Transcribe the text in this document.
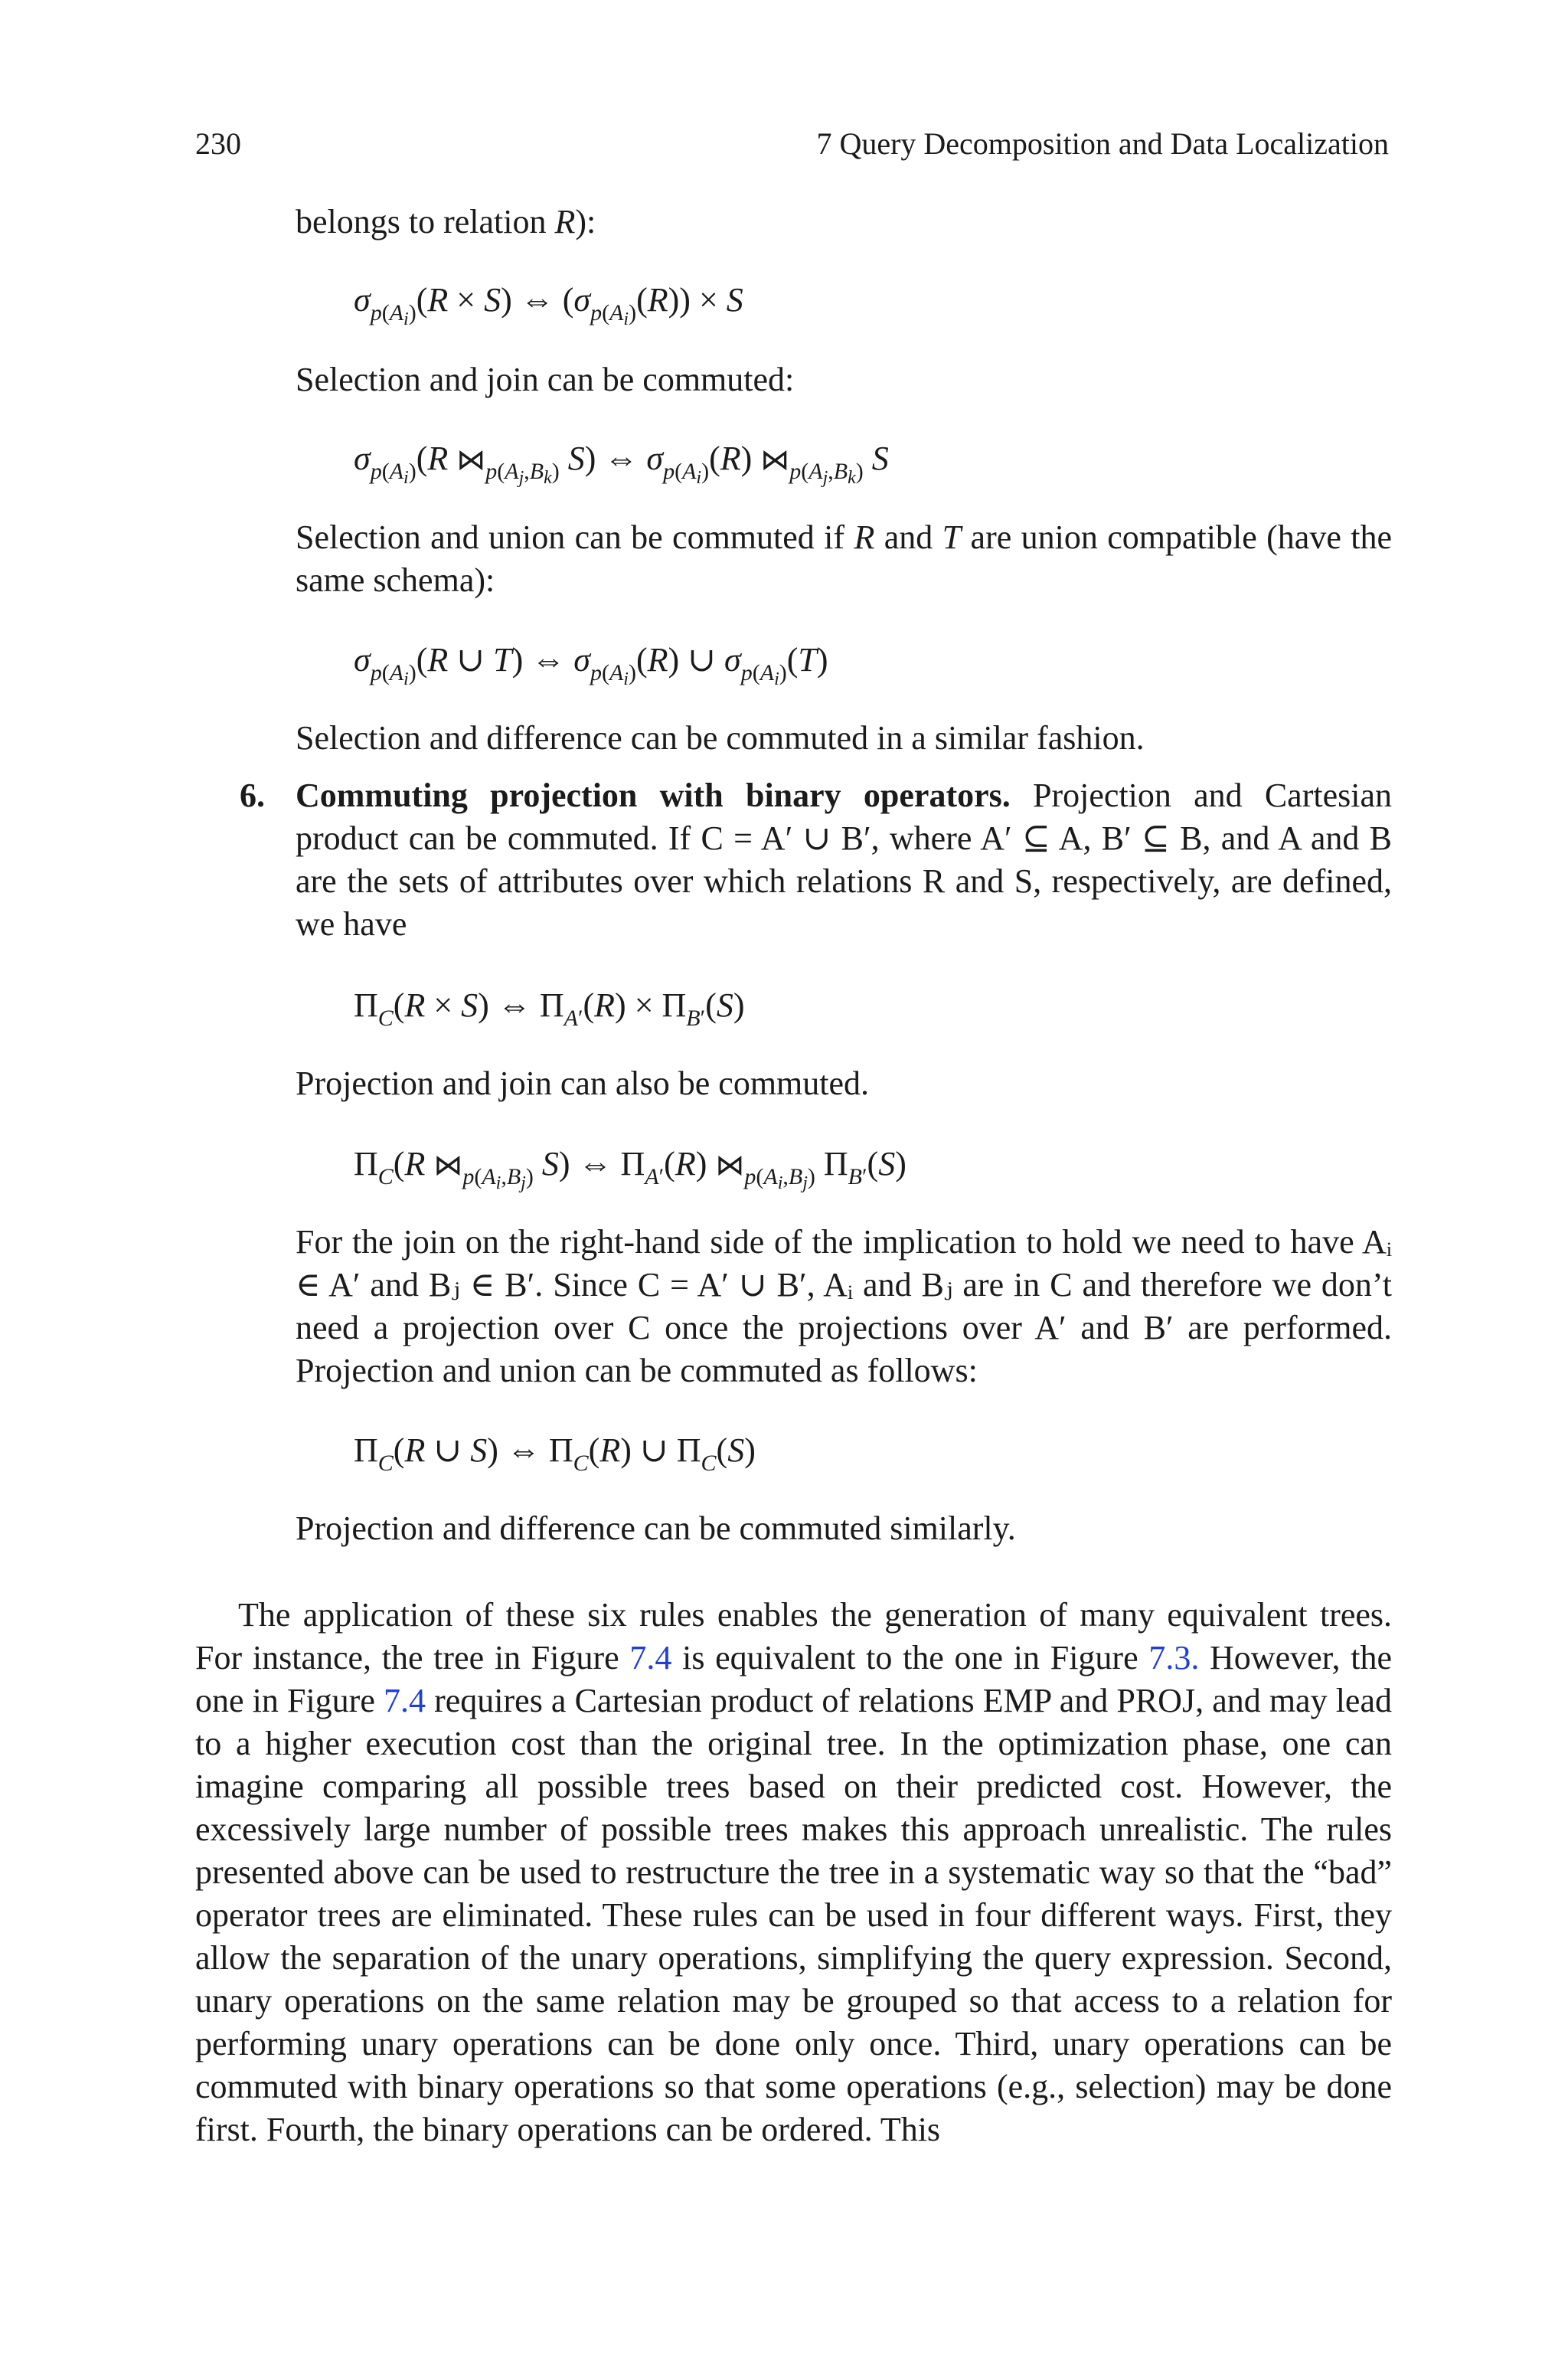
230	7 Query Decomposition and Data Localization

belongs to relation R):

$\sigma_{p(A_i)}(R \times S)$ ⇔ $(\sigma_{p(A_i)}(R)) \times S$

Selection and join can be commuted:

$\sigma_{p(A_i)}(R$ $⋈_{p(A_j,B_k)}$ S) ⇔ $\sigma_{p(A_i)}(R)$ $⋈_{p(A_j,B_k)}$ S

Selection and union can be commuted if R and T are union compatible (have the same schema):

$\sigma_{p(A_i)}(R$ ∪ T) ⇔ $\sigma_{p(A_i)}(R)$ ∪ $\sigma_{p(A_i)}(T)$

Selection and difference can be commuted in a similar fashion.

6. Commuting projection with binary operators. Projection and Cartesian product can be commuted. If C = A′ ∪ B′, where A′ ⊆ A, B′ ⊆ B, and A and B are the sets of attributes over which relations R and S, respectively, are defined, we have

$\Pi_C(R \times S)$ ⇔ $\Pi_{A'}(R) \times \Pi_{B'}(S)$

Projection and join can also be commuted.

$\Pi_C(R$ $⋈_{p(A_i,B_j)}$ S) ⇔ $\Pi_{A'}(R)$ $⋈_{p(A_i,B_j)}$ $\Pi_{B'}(S)$

For the join on the right-hand side of the implication to hold we need to have Aᵢ ∈ A′ and Bⱼ ∈ B′. Since C = A′ ∪ B′, Aᵢ and Bⱼ are in C and therefore we don’t need a projection over C once the projections over A′ and B′ are performed. Projection and union can be commuted as follows:

$\Pi_C(R$ ∪ S) ⇔ $\Pi_C(R)$ ∪ $\Pi_C(S)$

Projection and difference can be commuted similarly.

The application of these six rules enables the generation of many equivalent trees. For instance, the tree in Figure 7.4 is equivalent to the one in Figure 7.3. However, the one in Figure 7.4 requires a Cartesian product of relations EMP and PROJ, and may lead to a higher execution cost than the original tree. In the optimization phase, one can imagine comparing all possible trees based on their predicted cost. However, the excessively large number of possible trees makes this approach unrealistic. The rules presented above can be used to restructure the tree in a systematic way so that the “bad” operator trees are eliminated. These rules can be used in four different ways. First, they allow the separation of the unary operations, simplifying the query expression. Second, unary operations on the same relation may be grouped so that access to a relation for performing unary operations can be done only once. Third, unary operations can be commuted with binary operations so that some operations (e.g., selection) may be done first. Fourth, the binary operations can be ordered. This
